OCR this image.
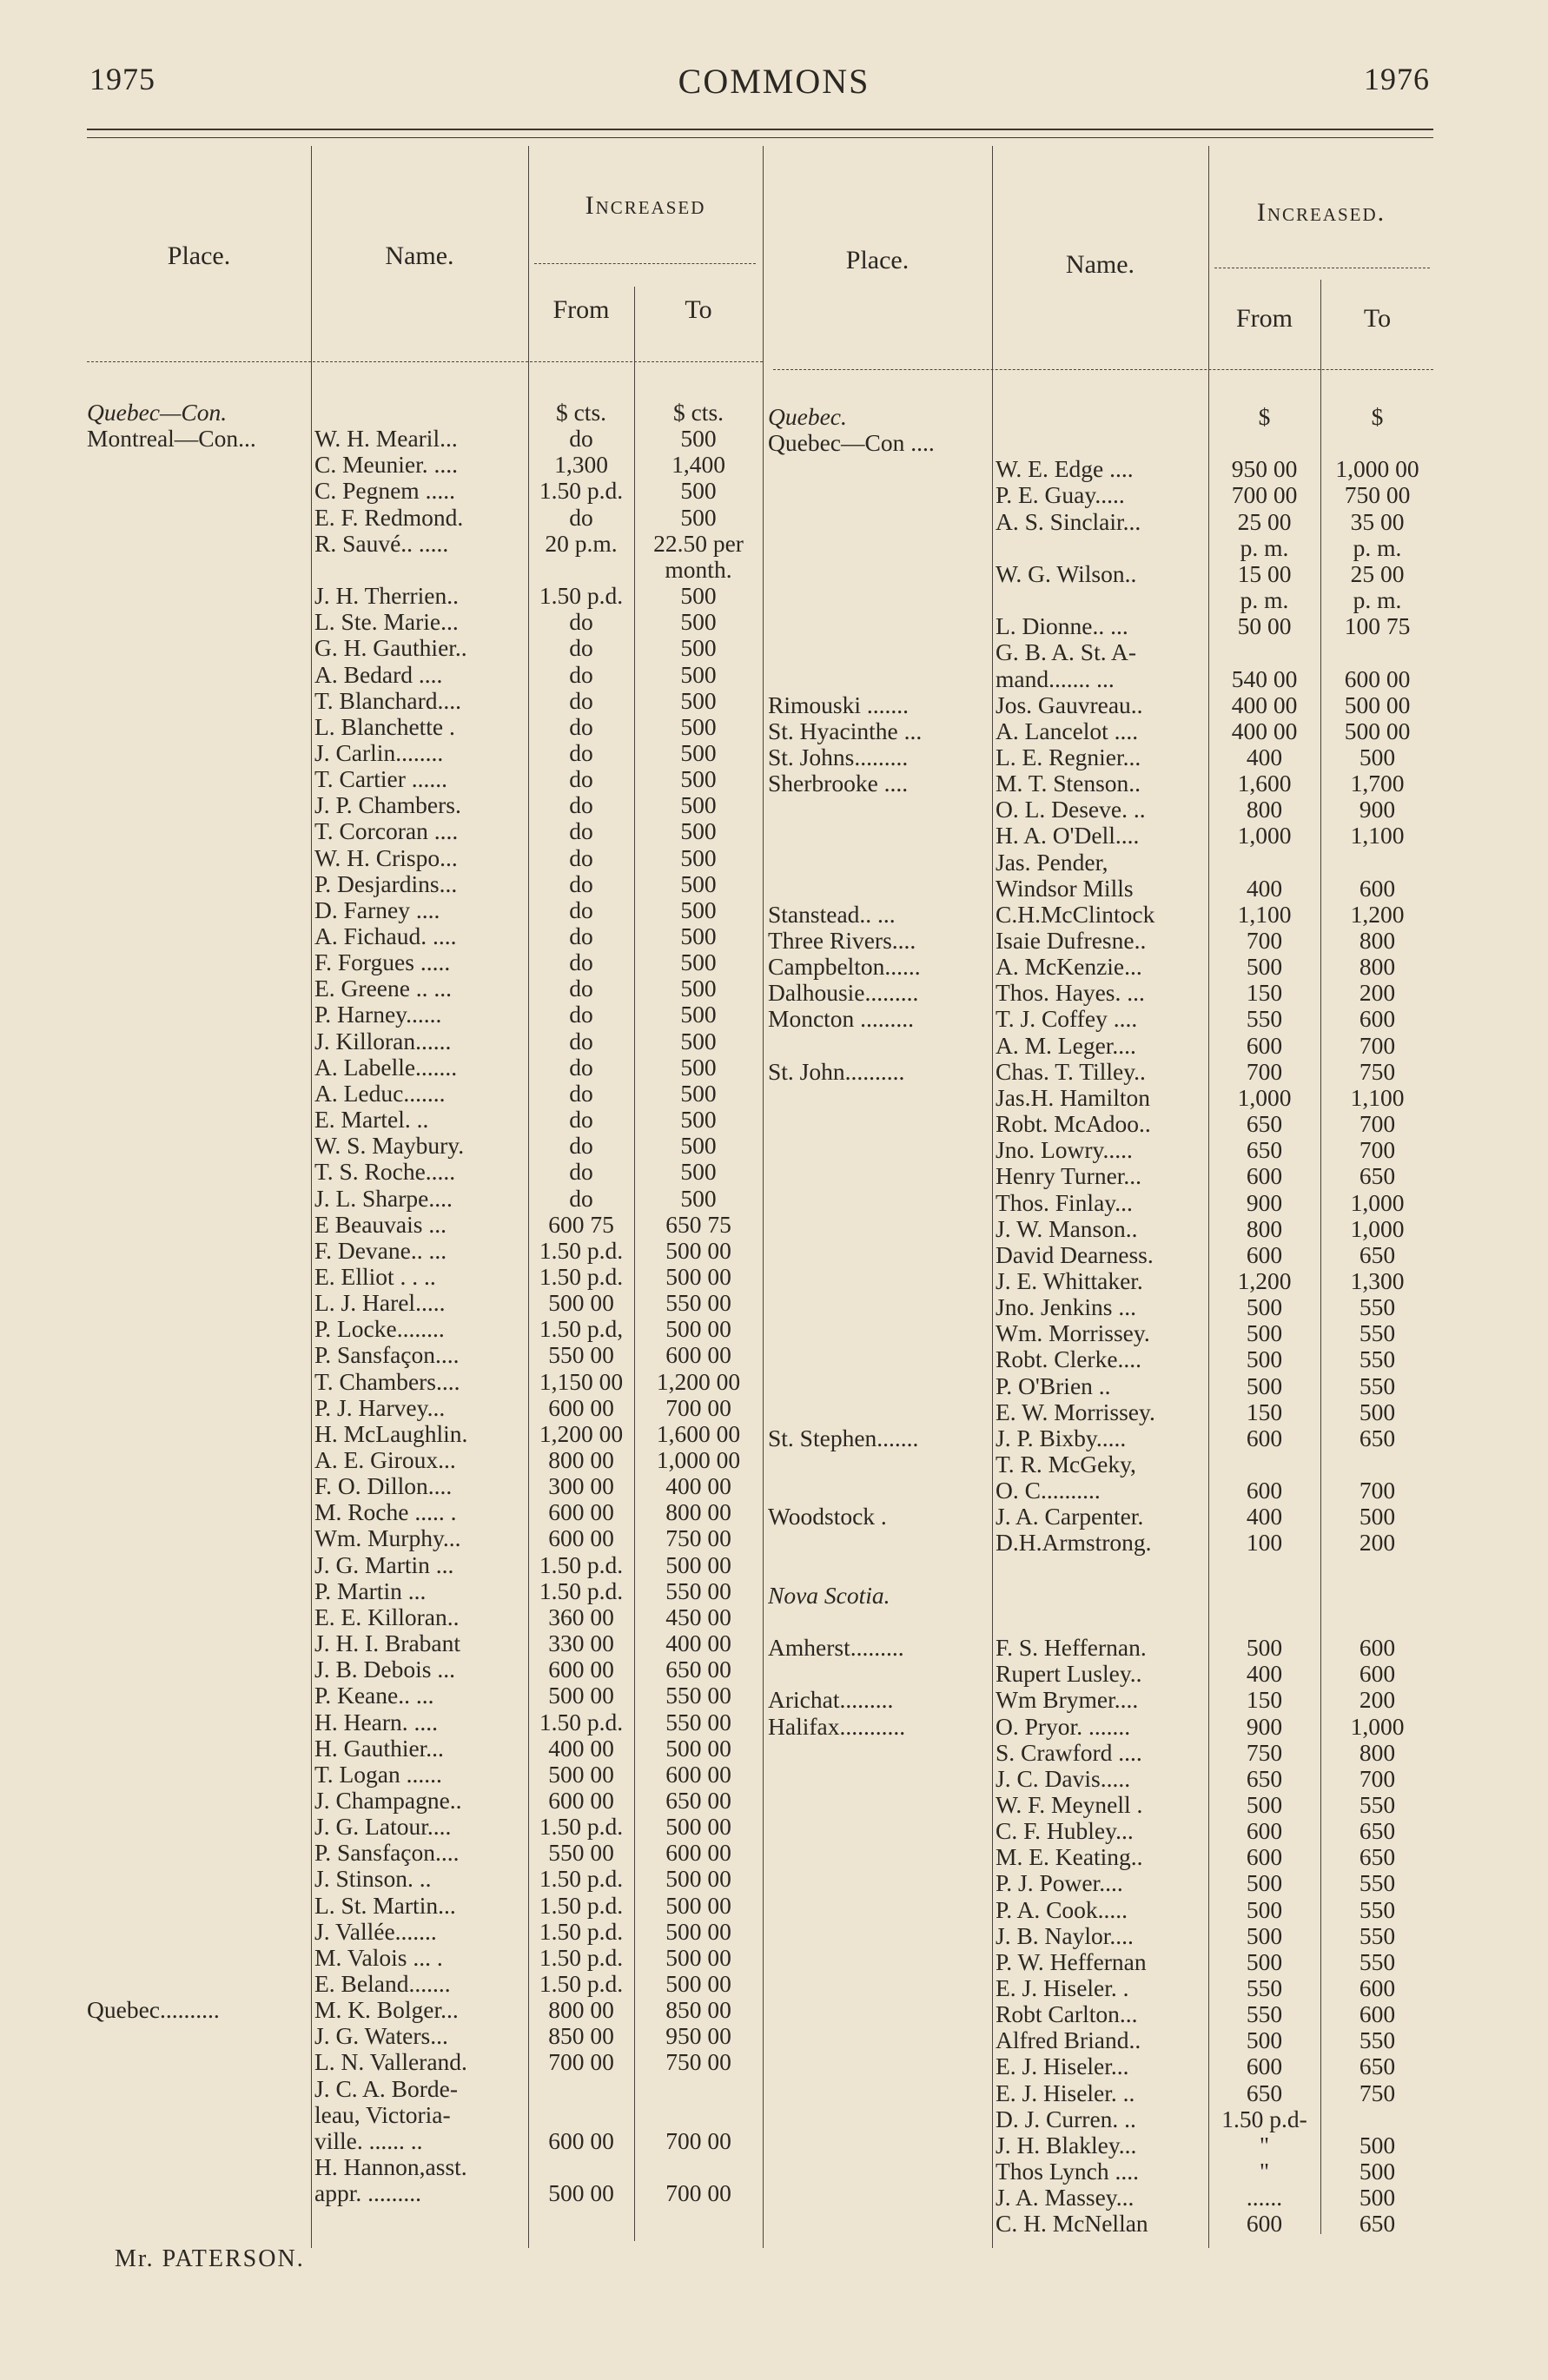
1975	COMMONS	1976
Place.	Name.
Increased
From	To
Place.	Name.
Increased.
From	To
Quebec—Con.	$ cts.	$ cts.
Montreal—Con...	W. H. Mearil...	do	500
C. Meunier. ....	1,300	1,400
C. Pegnem .....	1.50 p.d.	500
E. F. Redmond.	do	500
R. Sauvé.. .....	20 p.m.	22.50 per
month.
J. H. Therrien..	1.50 p.d.	500
L. Ste. Marie...	do	500
G. H. Gauthier..	do	500
A. Bedard ....	do	500
T. Blanchard....	do	500
L. Blanchette .	do	500
J. Carlin........	do	500
T. Cartier ......	do	500
J. P. Chambers.	do	500
T. Corcoran ....	do	500
W. H. Crispo...	do	500
P. Desjardins...	do	500
D. Farney ....	do	500
A. Fichaud. ....	do	500
F. Forgues .....	do	500
E. Greene .. ...	do	500
P. Harney......	do	500
J. Killoran......	do	500
A. Labelle.......	do	500
A. Leduc.......	do	500
E. Martel. ..	do	500
W. S. Maybury.	do	500
T. S. Roche.....	do	500
J. L. Sharpe....	do	500
E Beauvais ...	600 75	650 75
F. Devane.. ...	1.50 p.d.	500 00
E. Elliot . . ..	1.50 p.d.	500 00
L. J. Harel.....	500 00	550 00
P. Locke........	1.50 p.d,	500 00
P. Sansfaçon....	550 00	600 00
T. Chambers....	1,150 00	1,200 00
P. J. Harvey...	600 00	700 00
H. McLaughlin.	1,200 00	1,600 00
A. E. Giroux...	800 00	1,000 00
F. O. Dillon....	300 00	400 00
M. Roche ..... .	600 00	800 00
Wm. Murphy...	600 00	750 00
J. G. Martin ...	1.50 p.d.	500 00
P. Martin ...	1.50 p.d.	550 00
E. E. Killoran..	360 00	450 00
J. H. I. Brabant	330 00	400 00
J. B. Debois ...	600 00	650 00
P. Keane.. ...	500 00	550 00
H. Hearn. ....	1.50 p.d.	550 00
H. Gauthier...	400 00	500 00
T. Logan ......	500 00	600 00
J. Champagne..	600 00	650 00
J. G. Latour....	1.50 p.d.	500 00
P. Sansfaçon....	550 00	600 00
J. Stinson. ..	1.50 p.d.	500 00
L. St. Martin...	1.50 p.d.	500 00
J. Vallée.......	1.50 p.d.	500 00
M. Valois ... .	1.50 p.d.	500 00
E. Beland.......	1.50 p.d.	500 00
Quebec..........	M. K. Bolger...	800 00	850 00
J. G. Waters...	850 00	950 00
L. N. Vallerand.	700 00	750 00
J. C. A. Borde-
leau, Victoria-
ville. ...... ..	600 00	700 00
H. Hannon,asst.
appr. .........	500 00	700 00
Quebec.	$	$
Quebec—Con ....
W. E. Edge ....	950 00	1,000 00
P. E. Guay.....	700 00	750 00
A. S. Sinclair...	25 00	35 00
p. m.	p. m.
W. G. Wilson..	15 00	25 00
p. m.	p. m.
L. Dionne.. ...	50 00	100 75
G. B. A. St. A-
mand....... ...	540 00	600 00
Rimouski .......	Jos. Gauvreau..	400 00	500 00
St. Hyacinthe ...	A. Lancelot ....	400 00	500 00
St. Johns.........	L. E. Regnier...	400	500
Sherbrooke ....	M. T. Stenson..	1,600	1,700
O. L. Deseve. ..	800	900
H. A. O'Dell....	1,000	1,100
Jas. Pender,
Windsor Mills	400	600
Stanstead.. ...	C.H.McClintock	1,100	1,200
Three Rivers....	Isaie Dufresne..	700	800
Campbelton......	A. McKenzie...	500	800
Dalhousie.........	Thos. Hayes. ...	150	200
Moncton .........	T. J. Coffey ....	550	600
A. M. Leger....	600	700
St. John..........	Chas. T. Tilley..	700	750
Jas.H. Hamilton	1,000	1,100
Robt. McAdoo..	650	700
Jno. Lowry.....	650	700
Henry Turner...	600	650
Thos. Finlay...	900	1,000
J. W. Manson..	800	1,000
David Dearness.	600	650
J. E. Whittaker.	1,200	1,300
Jno. Jenkins ...	500	550
Wm. Morrissey.	500	550
Robt. Clerke....	500	550
P. O'Brien ..	500	550
E. W. Morrissey.	150	500
St. Stephen.......	J. P. Bixby.....	600	650
T. R. McGeky,
O. C..........	600	700
Woodstock .	J. A. Carpenter.	400	500
D.H.Armstrong.	100	200
Nova Scotia.
Amherst.........	F. S. Heffernan.	500	600
Rupert Lusley..	400	600
Arichat.........	Wm Brymer....	150	200
Halifax...........	O. Pryor. .......	900	1,000
S. Crawford ....	750	800
J. C. Davis.....	650	700
W. F. Meynell .	500	550
C. F. Hubley...	600	650
M. E. Keating..	600	650
P. J. Power....	500	550
P. A. Cook.....	500	550
J. B. Naylor....	500	550
P. W. Heffernan	500	550
E. J. Hiseler. .	550	600
Robt Carlton...	550	600
Alfred Briand..	500	550
E. J. Hiseler...	600	650
E. J. Hiseler. ..	650	750
D. J. Curren. ..	1.50 p.d-
J. H. Blakley...	"	500
Thos Lynch ....	"	500
J. A. Massey...	......	500
C. H. McNellan	600	650
Mr. PATERSON.
